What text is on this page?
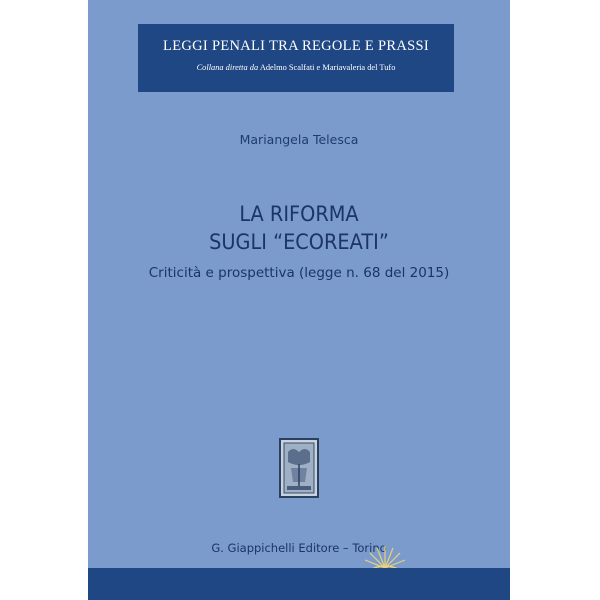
LEGGI PENALI TRA REGOLE E PRASSI
Collana diretta da Adelmo Scalfati e Mariavaleria del Tufo
Mariangela Telesca
LA RIFORMA
SUGLI “ECOREATI”
Criticità e prospettiva (legge n. 68 del 2015)
G. Giappichelli Editore – Torino
